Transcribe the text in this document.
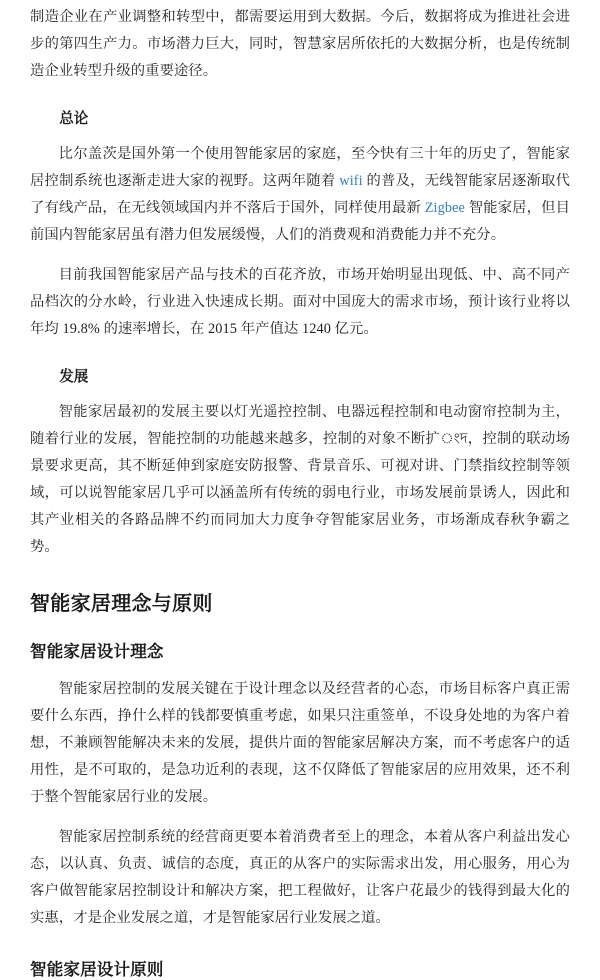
制造企业在产业调整和转型中，都需要运用到大数据。今后，数据将成为推进社会进步的第四生产力。市场潜力巨大，同时，智慧家居所依托的大数据分析，也是传统制造企业转型升级的重要途径。

总论

比尔盖茨是国外第一个使用智能家居的家庭，至今快有三十年的历史了，智能家居控制系统也逐渐走进大家的视野。这两年随着 wifi 的普及，无线智能家居逐渐取代了有线产品，在无线领域国内并不落后于国外，同样使用最新 Zigbee 智能家居，但目前国内智能家居虽有潜力但发展缓慢，人们的消费观和消费能力并不充分。

目前我国智能家居产品与技术的百花齐放，市场开始明显出现低、中、高不同产品档次的分水岭，行业进入快速成长期。面对中国庞大的需求市场，预计该行业将以年均 19.8% 的速率增长，在 2015 年产值达 1240 亿元。

发展

智能家居最初的发展主要以灯光遥控控制、电器远程控制和电动窗帘控制为主，随着行业的发展，智能控制的功能越来越多，控制的对象不断扩ংদ，控制的联动场景要求更高，其不断延伸到家庭安防报警、背景音乐、可视对讲、门禁指纹控制等领域，可以说智能家居几乎可以涵盖所有传统的弱电行业，市场发展前景诱人，因此和其产业相关的各路品牌不约而同加大力度争夺智能家居业务，市场渐成春秋争霸之势。

智能家居理念与原则
智能家居设计理念

智能家居控制的发展关键在于设计理念以及经营者的心态，市场目标客户真正需要什么东西，挣什么样的钱都要慎重考虑，如果只注重签单，不设身处地的为客户着想，不兼顾智能解决未来的发展，提供片面的智能家居解决方案，而不考虑客户的适用性，是不可取的，是急功近利的表现，这不仅降低了智能家居的应用效果，还不利于整个智能家居行业的发展。

智能家居控制系统的经营商更要本着消费者至上的理念，本着从客户利益出发心态，以认真、负责、诚信的态度，真正的从客户的实际需求出发，用心服务，用心为客户做智能家居控制设计和解决方案，把工程做好，让客户花最少的钱得到最大化的实惠，才是企业发展之道，才是智能家居行业发展之道。

智能家居设计原则
